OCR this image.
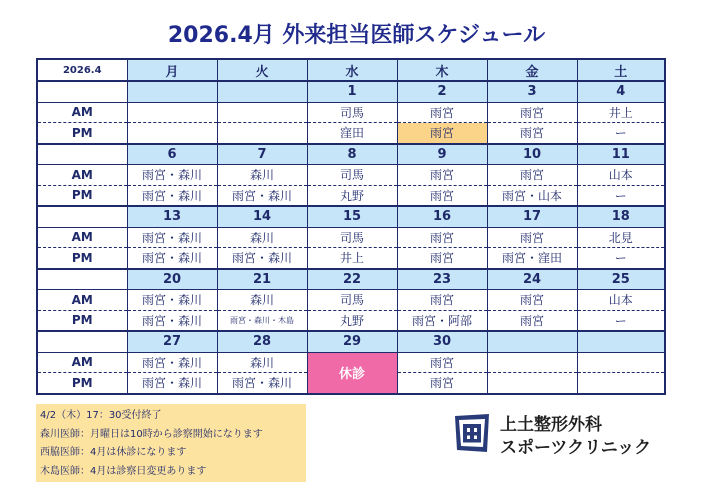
2026.4月 外来担当医師スケジュール
2026.4	月	火	水	木	金	土
			1	2	3	4
AM			司馬	雨宮	雨宮	井上
PM			窪田	雨宮	雨宮	ー
	6	7	8	9	10	11
AM	雨宮・森川	森川	司馬	雨宮	雨宮	山本
PM	雨宮・森川	雨宮・森川	丸野	雨宮	雨宮・山本	ー
	13	14	15	16	17	18
AM	雨宮・森川	森川	司馬	雨宮	雨宮	北見
PM	雨宮・森川	雨宮・森川	井上	雨宮	雨宮・窪田	ー
	20	21	22	23	24	25
AM	雨宮・森川	森川	司馬	雨宮	雨宮	山本
PM	雨宮・森川	雨宮・森川・木島	丸野	雨宮・阿部	雨宮	ー
	27	28	29	30		
AM	雨宮・森川	森川	休診	雨宮		
PM	雨宮・森川	雨宮・森川		雨宮		
4/2（木）17：30受付終了
森川医師：月曜日は10時から診察開始になります
西脇医師：4月は休診になります
木島医師：4月は診察日変更あります
上土整形外科
スポーツクリニック
